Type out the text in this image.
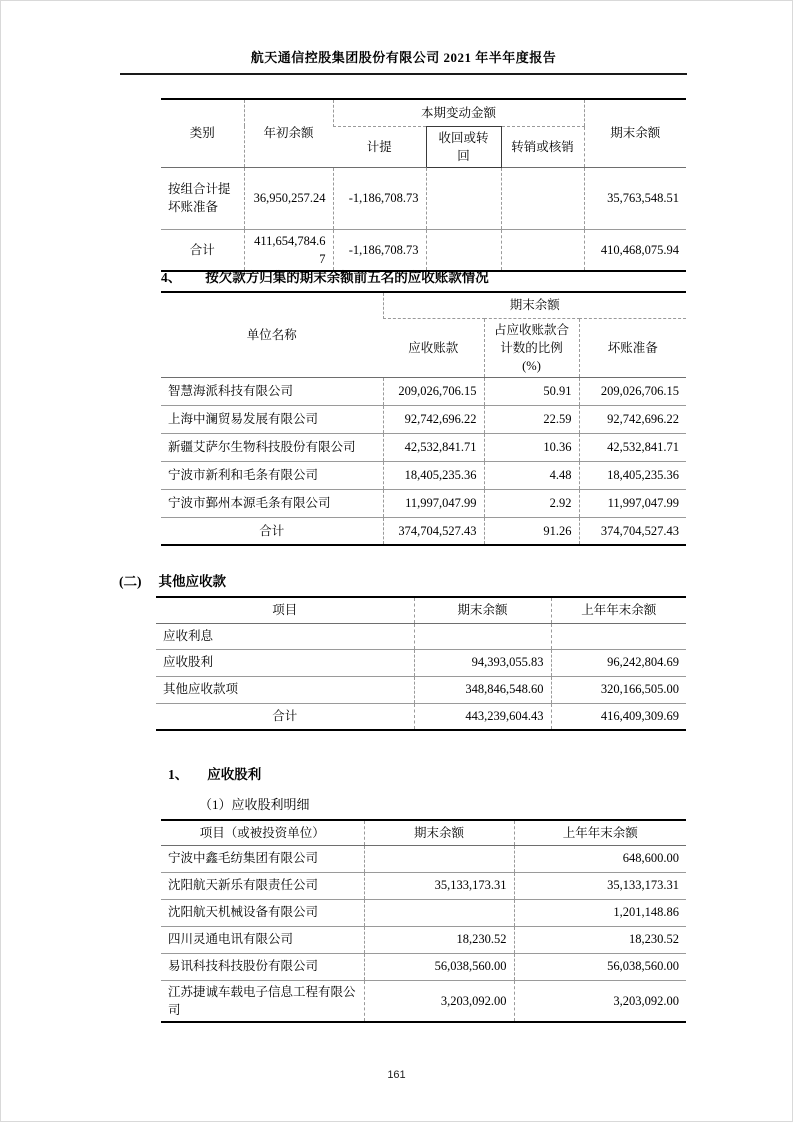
航天通信控股集团股份有限公司 2021 年半年度报告
类别	年初余额	本期变动金额			期末余额
		计提	收回或转回	转销或核销	
按组合计提坏账准备	36,950,257.24	-1,186,708.73			35,763,548.51
合计	411,654,784.67	-1,186,708.73			410,468,075.94
4、 按欠款方归集的期末余额前五名的应收账款情况
单位名称	期末余额		
	应收账款	占应收账款合计数的比例(%)	坏账准备
智慧海派科技有限公司	209,026,706.15	50.91	209,026,706.15
上海中澜贸易发展有限公司	92,742,696.22	22.59	92,742,696.22
新疆艾萨尔生物科技股份有限公司	42,532,841.71	10.36	42,532,841.71
宁波市新利和毛条有限公司	18,405,235.36	4.48	18,405,235.36
宁波市鄞州本源毛条有限公司	11,997,047.99	2.92	11,997,047.99
合计	374,704,527.43	91.26	374,704,527.43
(二) 其他应收款
项目	期末余额	上年年末余额
应收利息		
应收股利	94,393,055.83	96,242,804.69
其他应收款项	348,846,548.60	320,166,505.00
合计	443,239,604.43	416,409,309.69
1、 应收股利
（1）应收股利明细
项目（或被投资单位）	期末余额	上年年末余额
宁波中鑫毛纺集团有限公司		648,600.00
沈阳航天新乐有限责任公司	35,133,173.31	35,133,173.31
沈阳航天机械设备有限公司		1,201,148.86
四川灵通电讯有限公司	18,230.52	18,230.52
易讯科技科技股份有限公司	56,038,560.00	56,038,560.00
江苏捷诚车载电子信息工程有限公司	3,203,092.00	3,203,092.00
161
